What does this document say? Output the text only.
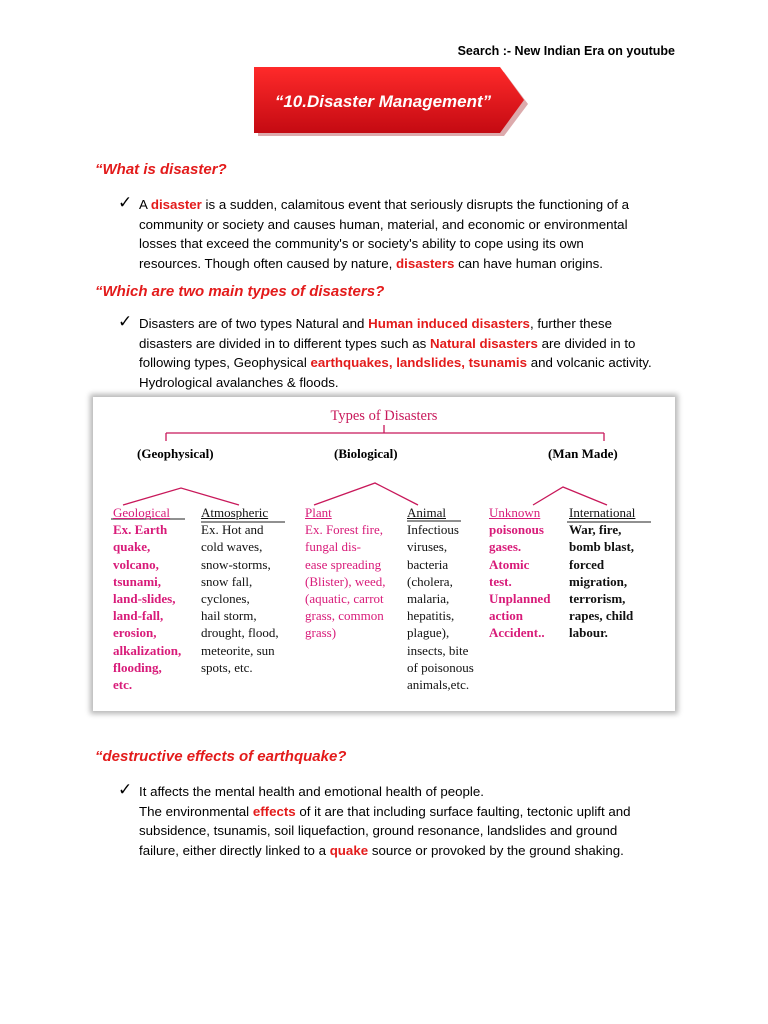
Search :- New Indian Era on youtube
“10.Disaster Management”
“What is disaster?
✓ A disaster is a sudden, calamitous event that seriously disrupts the functioning of a
community or society and causes human, material, and economic or environmental
losses that exceed the community's or society's ability to cope using its own
resources. Though often caused by nature, disasters can have human origins.
“Which are two main types of disasters?
✓ Disasters are of two types Natural and Human induced disasters, further these
disasters are divided in to different types such as Natural disasters are divided in to
following types, Geophysical earthquakes, landslides, tsunamis and volcanic activity.
Hydrological avalanches & floods.
Types of Disasters
(Geophysical)	(Biological)	(Man Made)
Geological
Ex. Earth
quake,
volcano,
tsunami,
land-slides,
land-fall,
erosion,
alkalization,
flooding,
etc.
Atmospheric
Ex. Hot and
cold waves,
snow-storms,
snow fall,
cyclones,
hail storm,
drought, flood,
meteorite, sun
spots, etc.
Plant
Ex. Forest fire,
fungal dis-
ease spreading
(Blister), weed,
(aquatic, carrot
grass, common
grass)
Animal
Infectious
viruses,
bacteria
(cholera,
malaria,
hepatitis,
plague),
insects, bite
of poisonous
animals,etc.
Unknown
poisonous
gases.
Atomic
test.
Unplanned
action
Accident..
International
War, fire,
bomb blast,
forced
migration,
terrorism,
rapes, child
labour.
“destructive effects of earthquake?
✓ It affects the mental health and emotional health of people.
The environmental effects of it are that including surface faulting, tectonic uplift and
subsidence, tsunamis, soil liquefaction, ground resonance, landslides and ground
failure, either directly linked to a quake source or provoked by the ground shaking.
